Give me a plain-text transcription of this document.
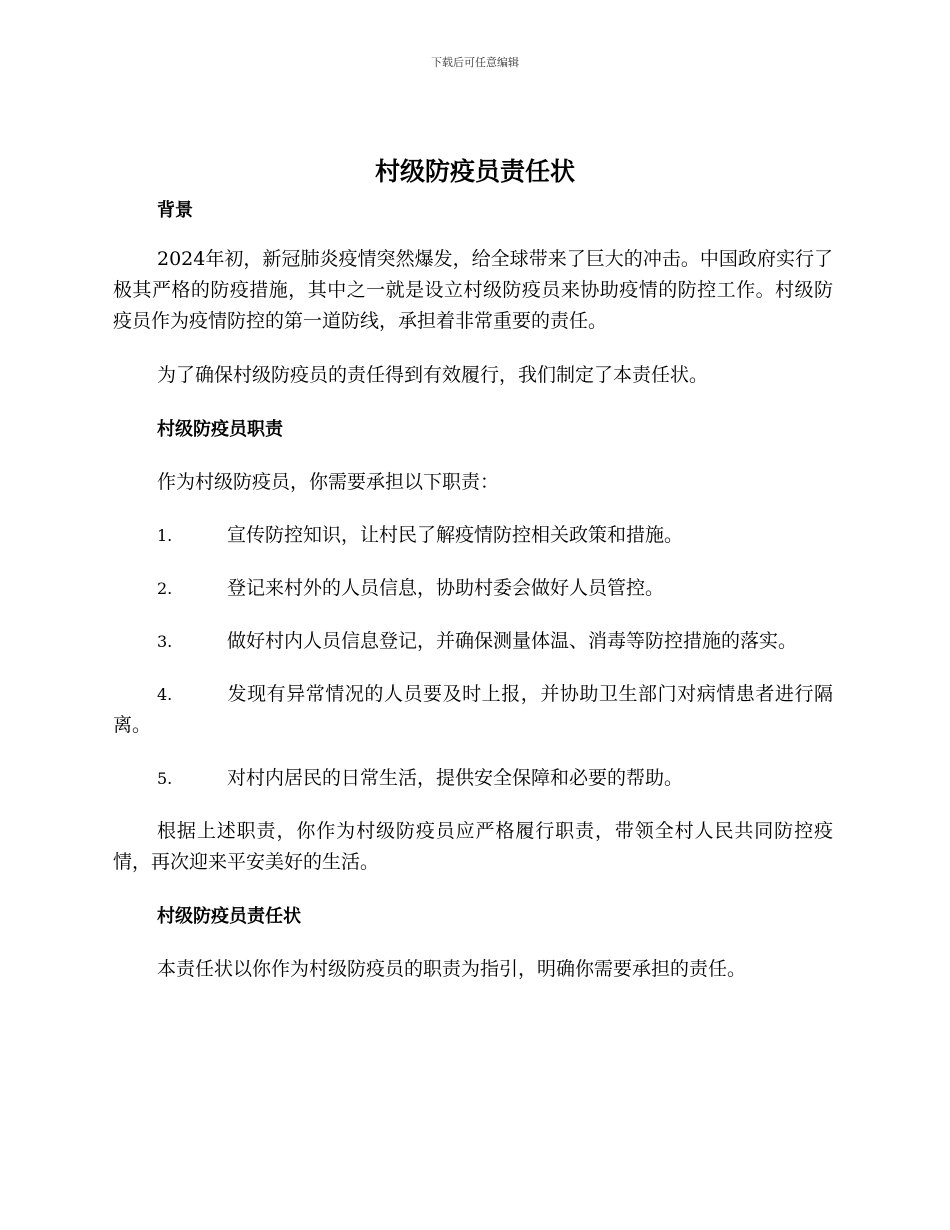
下载后可任意编辑
村级防疫员责任状

背景

2024年初，新冠肺炎疫情突然爆发，给全球带来了巨大的冲击。中国政府实行了极其严格的防疫措施，其中之一就是设立村级防疫员来协助疫情的防控工作。村级防疫员作为疫情防控的第一道防线，承担着非常重要的责任。

为了确保村级防疫员的责任得到有效履行，我们制定了本责任状。

村级防疫员职责

作为村级防疫员，你需要承担以下职责：

1.	宣传防控知识，让村民了解疫情防控相关政策和措施。
2.	登记来村外的人员信息，协助村委会做好人员管控。
3.	做好村内人员信息登记，并确保测量体温、消毒等防控措施的落实。
4.	发现有异常情况的人员要及时上报，并协助卫生部门对病情患者进行隔离。
5.	对村内居民的日常生活，提供安全保障和必要的帮助。

根据上述职责，你作为村级防疫员应严格履行职责，带领全村人民共同防控疫情，再次迎来平安美好的生活。

村级防疫员责任状

本责任状以你作为村级防疫员的职责为指引，明确你需要承担的责任。
